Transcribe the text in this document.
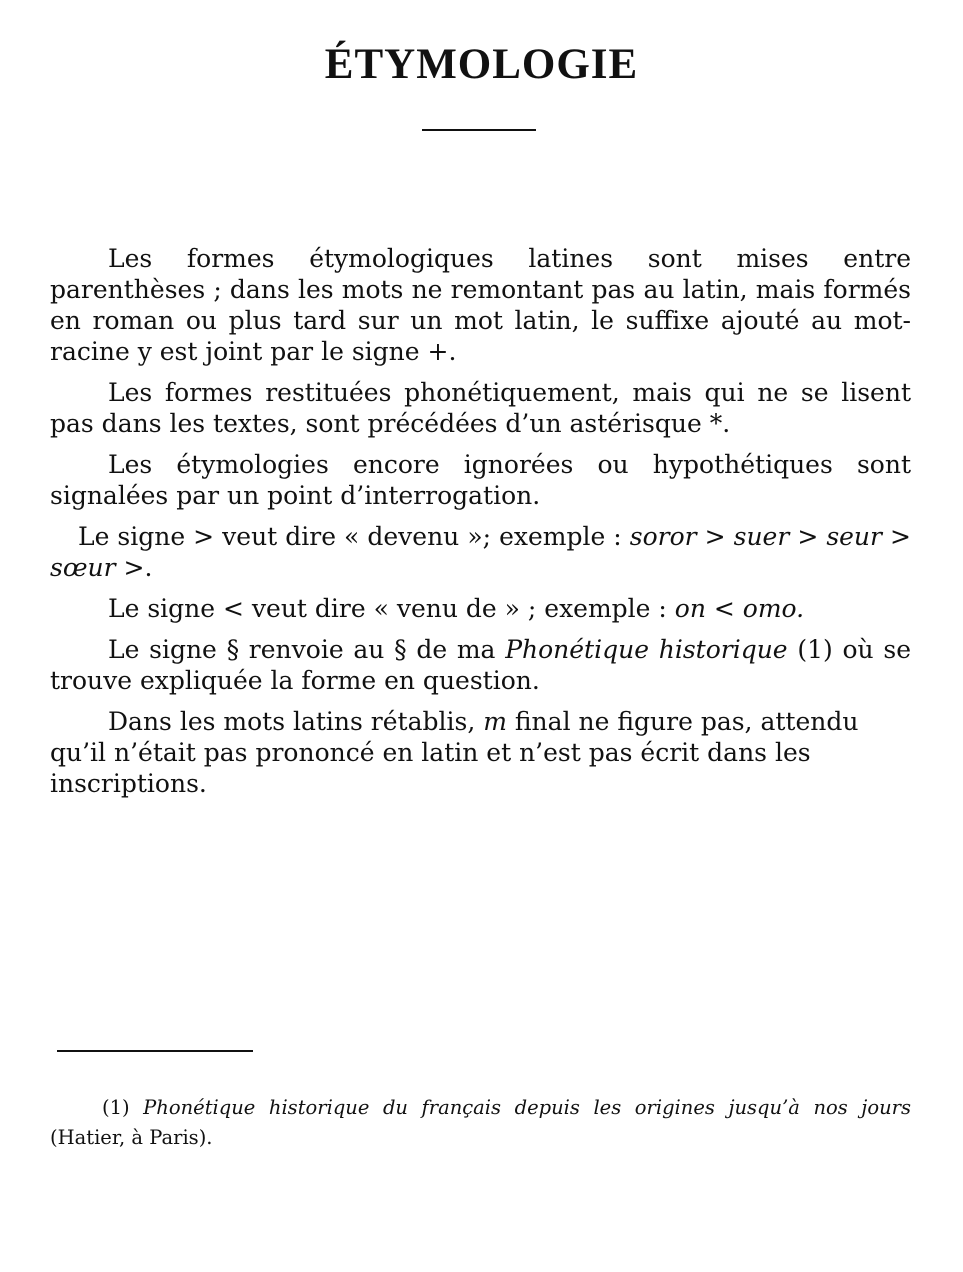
ÉTYMOLOGIE

Les formes étymologiques latines sont mises entre parenthèses ; dans les mots ne remontant pas au latin, mais formés en roman ou plus tard sur un mot latin, le suffixe ajouté au mot-racine y est joint par le signe +.

Les formes restituées phonétiquement, mais qui ne se lisent pas dans les textes, sont précédées d’un astérisque *.

Les étymologies encore ignorées ou hypothétiques sont signalées par un point d’interrogation.

Le signe > veut dire « devenu »; exemple : soror > suer > seur > sœur >.

Le signe < veut dire « venu de » ; exemple : on < omo.

Le signe § renvoie au § de ma Phonétique historique (1) où se trouve expliquée la forme en question.

Dans les mots latins rétablis, m final ne figure pas, attendu qu’il n’était pas prononcé en latin et n’est pas écrit dans les inscriptions.

(1) Phonétique historique du français depuis les origines jusqu’à nos jours (Hatier, à Paris).
